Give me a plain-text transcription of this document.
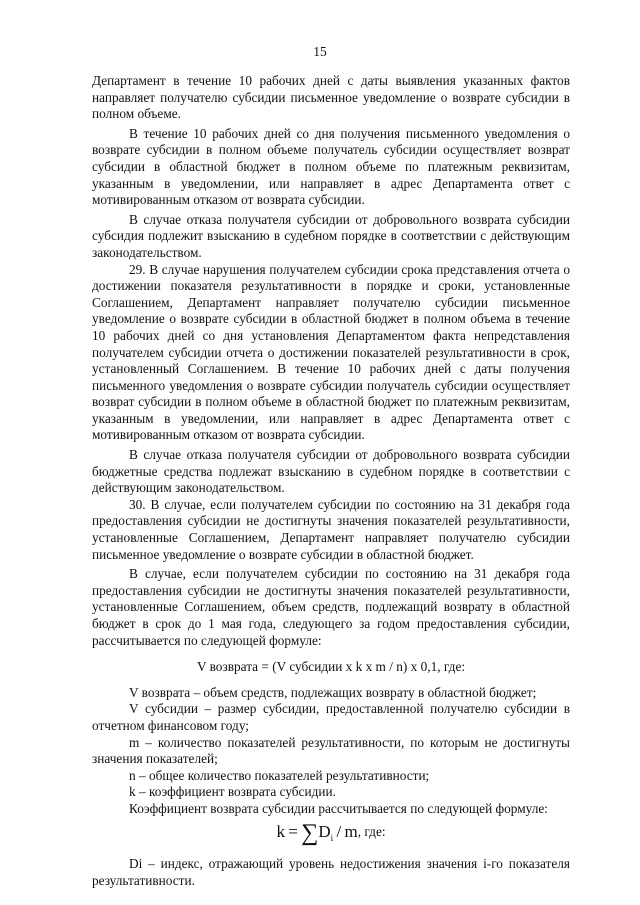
15

Департамент в течение 10 рабочих дней с даты выявления указанных фактов направляет получателю субсидии письменное уведомление о возврате субсидии в полном объеме.

В течение 10 рабочих дней со дня получения письменного уведомления о возврате субсидии в полном объеме получатель субсидии осуществляет возврат субсидии в областной бюджет в полном объеме по платежным реквизитам, указанным в уведомлении, или направляет в адрес Департамента ответ с мотивированным отказом от возврата субсидии.

В случае отказа получателя субсидии от добровольного возврата субсидии субсидия подлежит взысканию в судебном порядке в соответствии с действующим законодательством.

29. В случае нарушения получателем субсидии срока представления отчета о достижении показателя результативности в порядке и сроки, установленные Соглашением, Департамент направляет получателю субсидии письменное уведомление о возврате субсидии в областной бюджет в полном объема в течение 10 рабочих дней со дня установления Департаментом факта непредставления получателем субсидии отчета о достижении показателей результативности в срок, установленный Соглашением. В течение 10 рабочих дней с даты получения письменного уведомления о возврате субсидии получатель субсидии осуществляет возврат субсидии в полном объеме в областной бюджет по платежным реквизитам, указанным в уведомлении, или направляет в адрес Департамента ответ с мотивированным отказом от возврата субсидии.

В случае отказа получателя субсидии от добровольного возврата субсидии бюджетные средства подлежат взысканию в судебном порядке в соответствии с действующим законодательством.

30. В случае, если получателем субсидии по состоянию на 31 декабря года предоставления субсидии не достигнуты значения показателей результативности, установленные Соглашением, Департамент направляет получателю субсидии письменное уведомление о возврате субсидии в областной бюджет.

В случае, если получателем субсидии по состоянию на 31 декабря года предоставления субсидии не достигнуты значения показателей результативности, установленные Соглашением, объем средств, подлежащий возврату в областной бюджет в срок до 1 мая года, следующего за годом предоставления субсидии, рассчитывается по следующей формуле:

V возврата = (V субсидии x k x m / n) x 0,1, где:

V возврата – объем средств, подлежащих возврату в областной бюджет;

V субсидии – размер субсидии, предоставленной получателю субсидии в отчетном финансовом году;

m – количество показателей результативности, по которым не достигнуты значения показателей;

n – общее количество показателей результативности;

k – коэффициент возврата субсидии.

Коэффициент возврата субсидии рассчитывается по следующей формуле:

$k = \sum D_i / m$, где:

Di – индекс, отражающий уровень недостижения значения i-го показателя результативности.
